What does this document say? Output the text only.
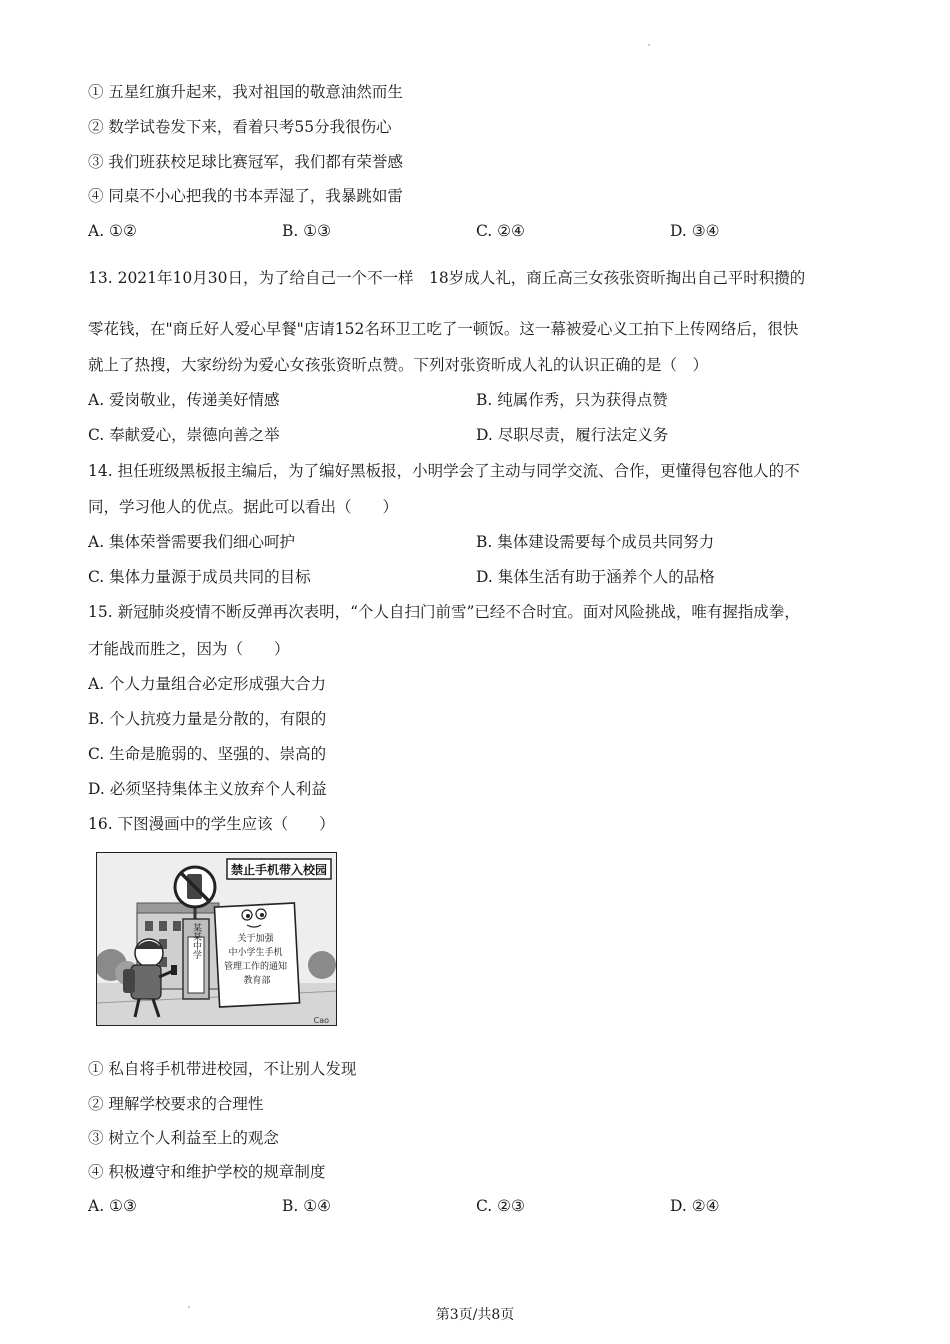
① 五星红旗升起来，我对祖国的敬意油然而生
② 数学试卷发下来，看着只考55分我很伤心
③ 我们班获校足球比赛冠军，我们都有荣誉感
④ 同桌不小心把我的书本弄湿了，我暴跳如雷
A. ①②	B. ①③	C. ②④	D. ③④
13. 2021年10月30日，为了给自己一个不一样　18岁成人礼，商丘高三女孩张资昕掏出自己平时积攒的
零花钱，在"商丘好人爱心早餐"店请152名环卫工吃了一顿饭。这一幕被爱心义工拍下上传网络后，很快
就上了热搜，大家纷纷为爱心女孩张资昕点赞。下列对张资昕成人礼的认识正确的是（　）
A. 爱岗敬业，传递美好情感	B. 纯属作秀，只为获得点赞
C. 奉献爱心，崇德向善之举	D. 尽职尽责，履行法定义务
14. 担任班级黑板报主编后，为了编好黑板报，小明学会了主动与同学交流、合作，更懂得包容他人的不
同，学习他人的优点。据此可以看出（　　）
A. 集体荣誉需要我们细心呵护	B. 集体建设需要每个成员共同努力
C. 集体力量源于成员共同的目标	D. 集体生活有助于涵养个人的品格
15. 新冠肺炎疫情不断反弹再次表明，“个人自扫门前雪”已经不合时宜。面对风险挑战，唯有握指成拳，
才能战而胜之，因为（　　）
A. 个人力量组合必定形成强大合力
B. 个人抗疫力量是分散的，有限的
C. 生命是脆弱的、坚强的、崇高的
D. 必须坚持集体主义放弃个人利益
16. 下图漫画中的学生应该（　　）
禁止手机带入校园
某某中学	关于加强 中小学生手机 管理工作的通知 教育部
Cao
① 私自将手机带进校园，不让别人发现
② 理解学校要求的合理性
③ 树立个人利益至上的观念
④ 积极遵守和维护学校的规章制度
A. ①③	B. ①④	C. ②③	D. ②④
第3页/共8页
